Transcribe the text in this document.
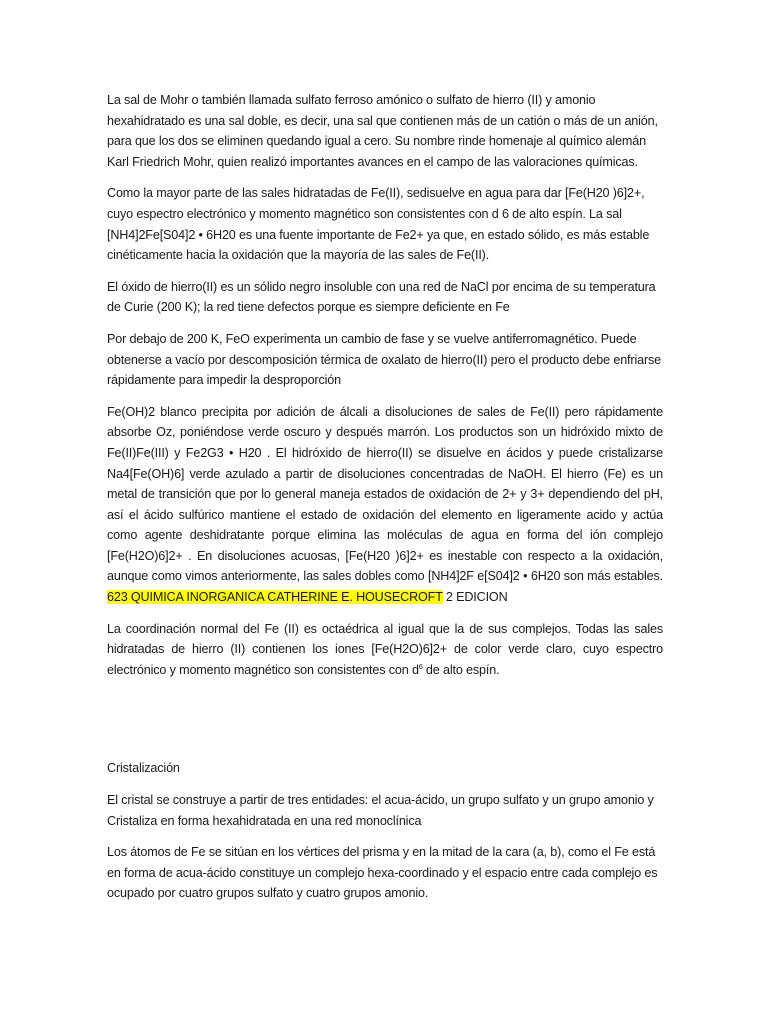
La sal de Mohr o también llamada sulfato ferroso amónico o sulfato de hierro (II) y amonio hexahidratado es una sal doble, es decir, una sal que contienen más de un catión o más de un anión, para que los dos se eliminen quedando igual a cero. Su nombre rinde homenaje al químico alemán Karl Friedrich Mohr, quien realizó importantes avances en el campo de las valoraciones químicas.

Como la mayor parte de las sales hidratadas de Fe(II), sedisuelve en agua para dar [Fe(H20 )6]2+, cuyo espectro electrónico y momento magnético son consistentes con d 6 de alto espín. La sal [NH4]2Fe[S04]2 • 6H20 es una fuente importante de Fe2+ ya que, en estado sólido, es más estable cinéticamente hacia la oxidación que la mayoría de las sales de Fe(II).

El óxido de hierro(II) es un sólido negro insoluble con una red de NaCl por encima de su temperatura de Curie (200 K); la red tiene defectos porque es siempre deficiente en Fe

Por debajo de 200 K, FeO experimenta un cambio de fase y se vuelve antiferromagnético. Puede obtenerse a vacío por descomposición térmica de oxalato de hierro(II) pero el producto debe enfriarse rápidamente para impedir la desproporción

Fe(OH)2 blanco precipita por adición de álcali a disoluciones de sales de Fe(II) pero rápidamente absorbe Oz, poniéndose verde oscuro y después marrón. Los productos son un hidróxido mixto de Fe(II)Fe(III) y Fe2G3 • H20 . El hidróxido de hierro(II) se disuelve en ácidos y puede cristalizarse Na4[Fe(OH)6] verde azulado a partir de disoluciones concentradas de NaOH. El hierro (Fe) es un metal de transición que por lo general maneja estados de oxidación de 2+ y 3+ dependiendo del pH, así el ácido sulfúrico mantiene el estado de oxidación del elemento en ligeramente acido y actúa como agente deshidratante porque elimina las moléculas de agua en forma del ión complejo [Fe(H2O)6]2+ . En disoluciones acuosas, [Fe(H20 )6]2+ es inestable con respecto a la oxidación, aunque como vimos anteriormente, las sales dobles como [NH4]2F e[S04]2 • 6H20 son más estables. 623 QUIMICA INORGANICA CATHERINE E. HOUSECROFT 2 EDICION

La coordinación normal del Fe (II) es octaédrica al igual que la de sus complejos. Todas las sales hidratadas de hierro (II) contienen los iones [Fe(H2O)6]2+ de color verde claro, cuyo espectro electrónico y momento magnético son consistentes con $d^6$ de alto espín.

Cristalización

El cristal se construye a partir de tres entidades: el acua-ácido, un grupo sulfato y un grupo amonio y Cristaliza en forma hexahidratada en una red monoclínica

Los átomos de Fe se sitúan en los vértices del prisma y en la mitad de la cara (a, b), como el Fe está en forma de acua-ácido constituye un complejo hexa-coordinado y el espacio entre cada complejo es ocupado por cuatro grupos sulfato y cuatro grupos amonio.
